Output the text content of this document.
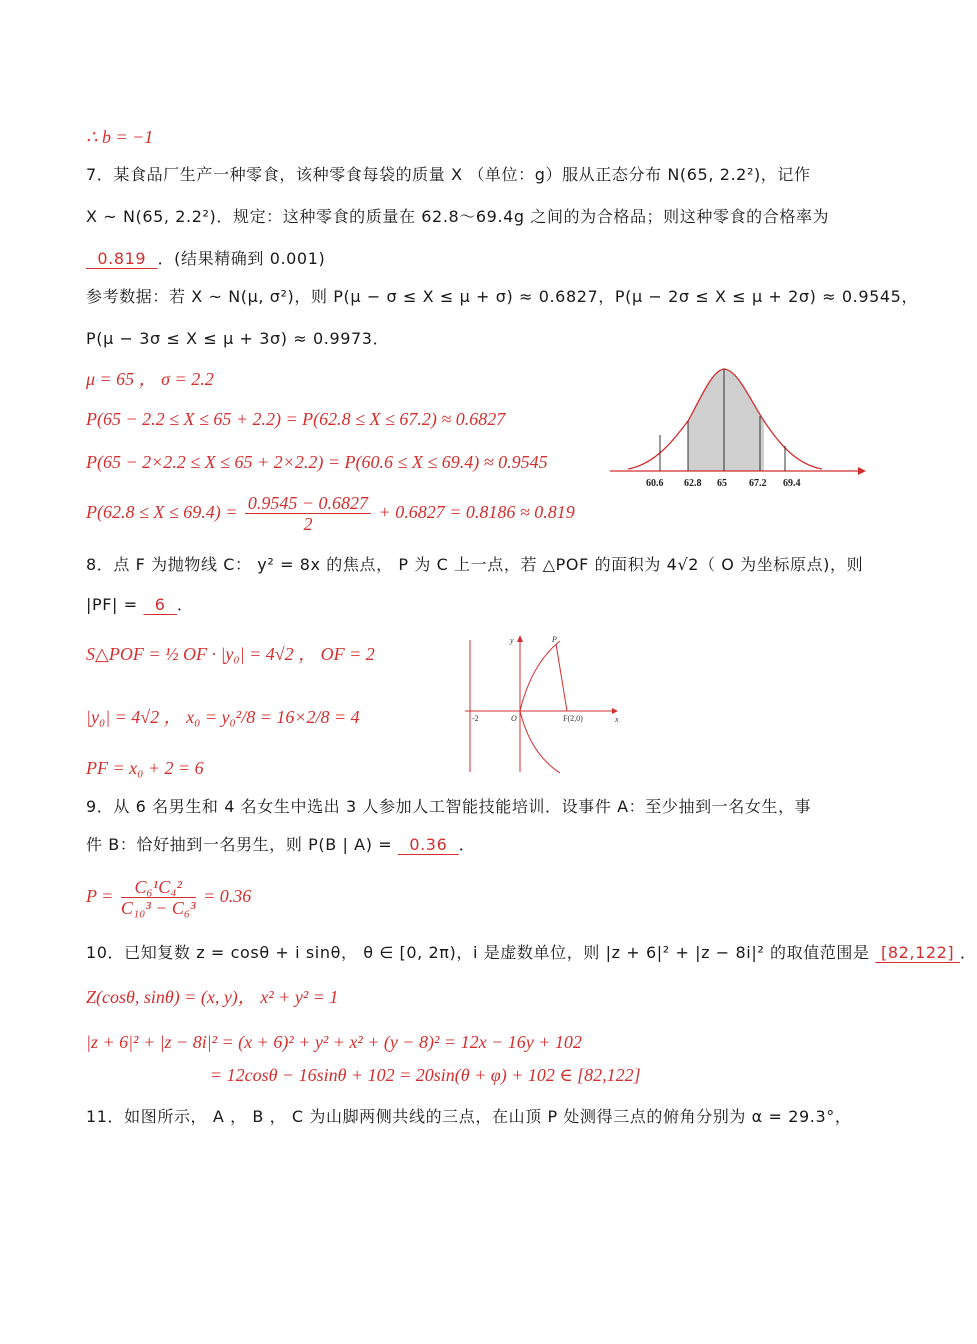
∴ b = −1
7．某食品厂生产一种零食，该种零食每袋的质量 X （单位：g）服从正态分布 N(65, 2.2²)，记作
X ~ N(65, 2.2²)．规定：这种零食的质量在 62.8～69.4g 之间的为合格品；则这种零食的合格率为
0.819 ．(结果精确到 0.001)
参考数据：若 X ~ N(μ, σ²)，则 P(μ − σ ≤ X ≤ μ + σ) ≈ 0.6827，P(μ − 2σ ≤ X ≤ μ + 2σ) ≈ 0.9545，
P(μ − 3σ ≤ X ≤ μ + 3σ) ≈ 0.9973．
μ = 65 ， σ = 2.2
P(65 − 2.2 ≤ X ≤ 65 + 2.2) = P(62.8 ≤ X ≤ 67.2) ≈ 0.6827
P(65 − 2×2.2 ≤ X ≤ 65 + 2×2.2) = P(60.6 ≤ X ≤ 69.4) ≈ 0.9545
$P(62.8 \le X \le 69.4) = \frac{0.9545 - 0.6827}{2} + 0.6827 = 0.8186 \approx 0.819$
60.6 62.8 65 67.2 69.4
8．点 F 为抛物线 C： y² = 8x 的焦点， P 为 C 上一点，若 △POF 的面积为 4√2（ O 为坐标原点)，则
|PF| = 6 ．
S△POF = ½ OF · |y₀| = 4√2 ， OF = 2
|y₀| = 4√2 ， x₀ = y₀²/8 = 16×2/8 = 4
PF = x₀ + 2 = 6
y
x
P
O
-2	F(2,0)
9．从 6 名男生和 4 名女生中选出 3 人参加人工智能技能培训．设事件 A：至少抽到一名女生，事
件 B：恰好抽到一名男生，则 P(B | A) = 0.36 ．
$P = \frac{\text{C₆¹C₄²}}{\text{C₁₀³ − C₆³}} = 0.36$
10．已知复数 z = cosθ + i sinθ， θ ∈ [0, 2π)，i 是虚数单位，则 |z + 6|² + |z − 8i|² 的取值范围是 [82,122] ．
Z(cosθ, sinθ) = (x, y)， x² + y² = 1
|z + 6|² + |z − 8i|² = (x + 6)² + y² + x² + (y − 8)² = 12x − 16y + 102
= 12cosθ − 16sinθ + 102 = 20sin(θ + φ) + 102 ∈ [82,122]
11．如图所示， A ， B ， C 为山脚两侧共线的三点，在山顶 P 处测得三点的俯角分别为 α = 29.3°，
